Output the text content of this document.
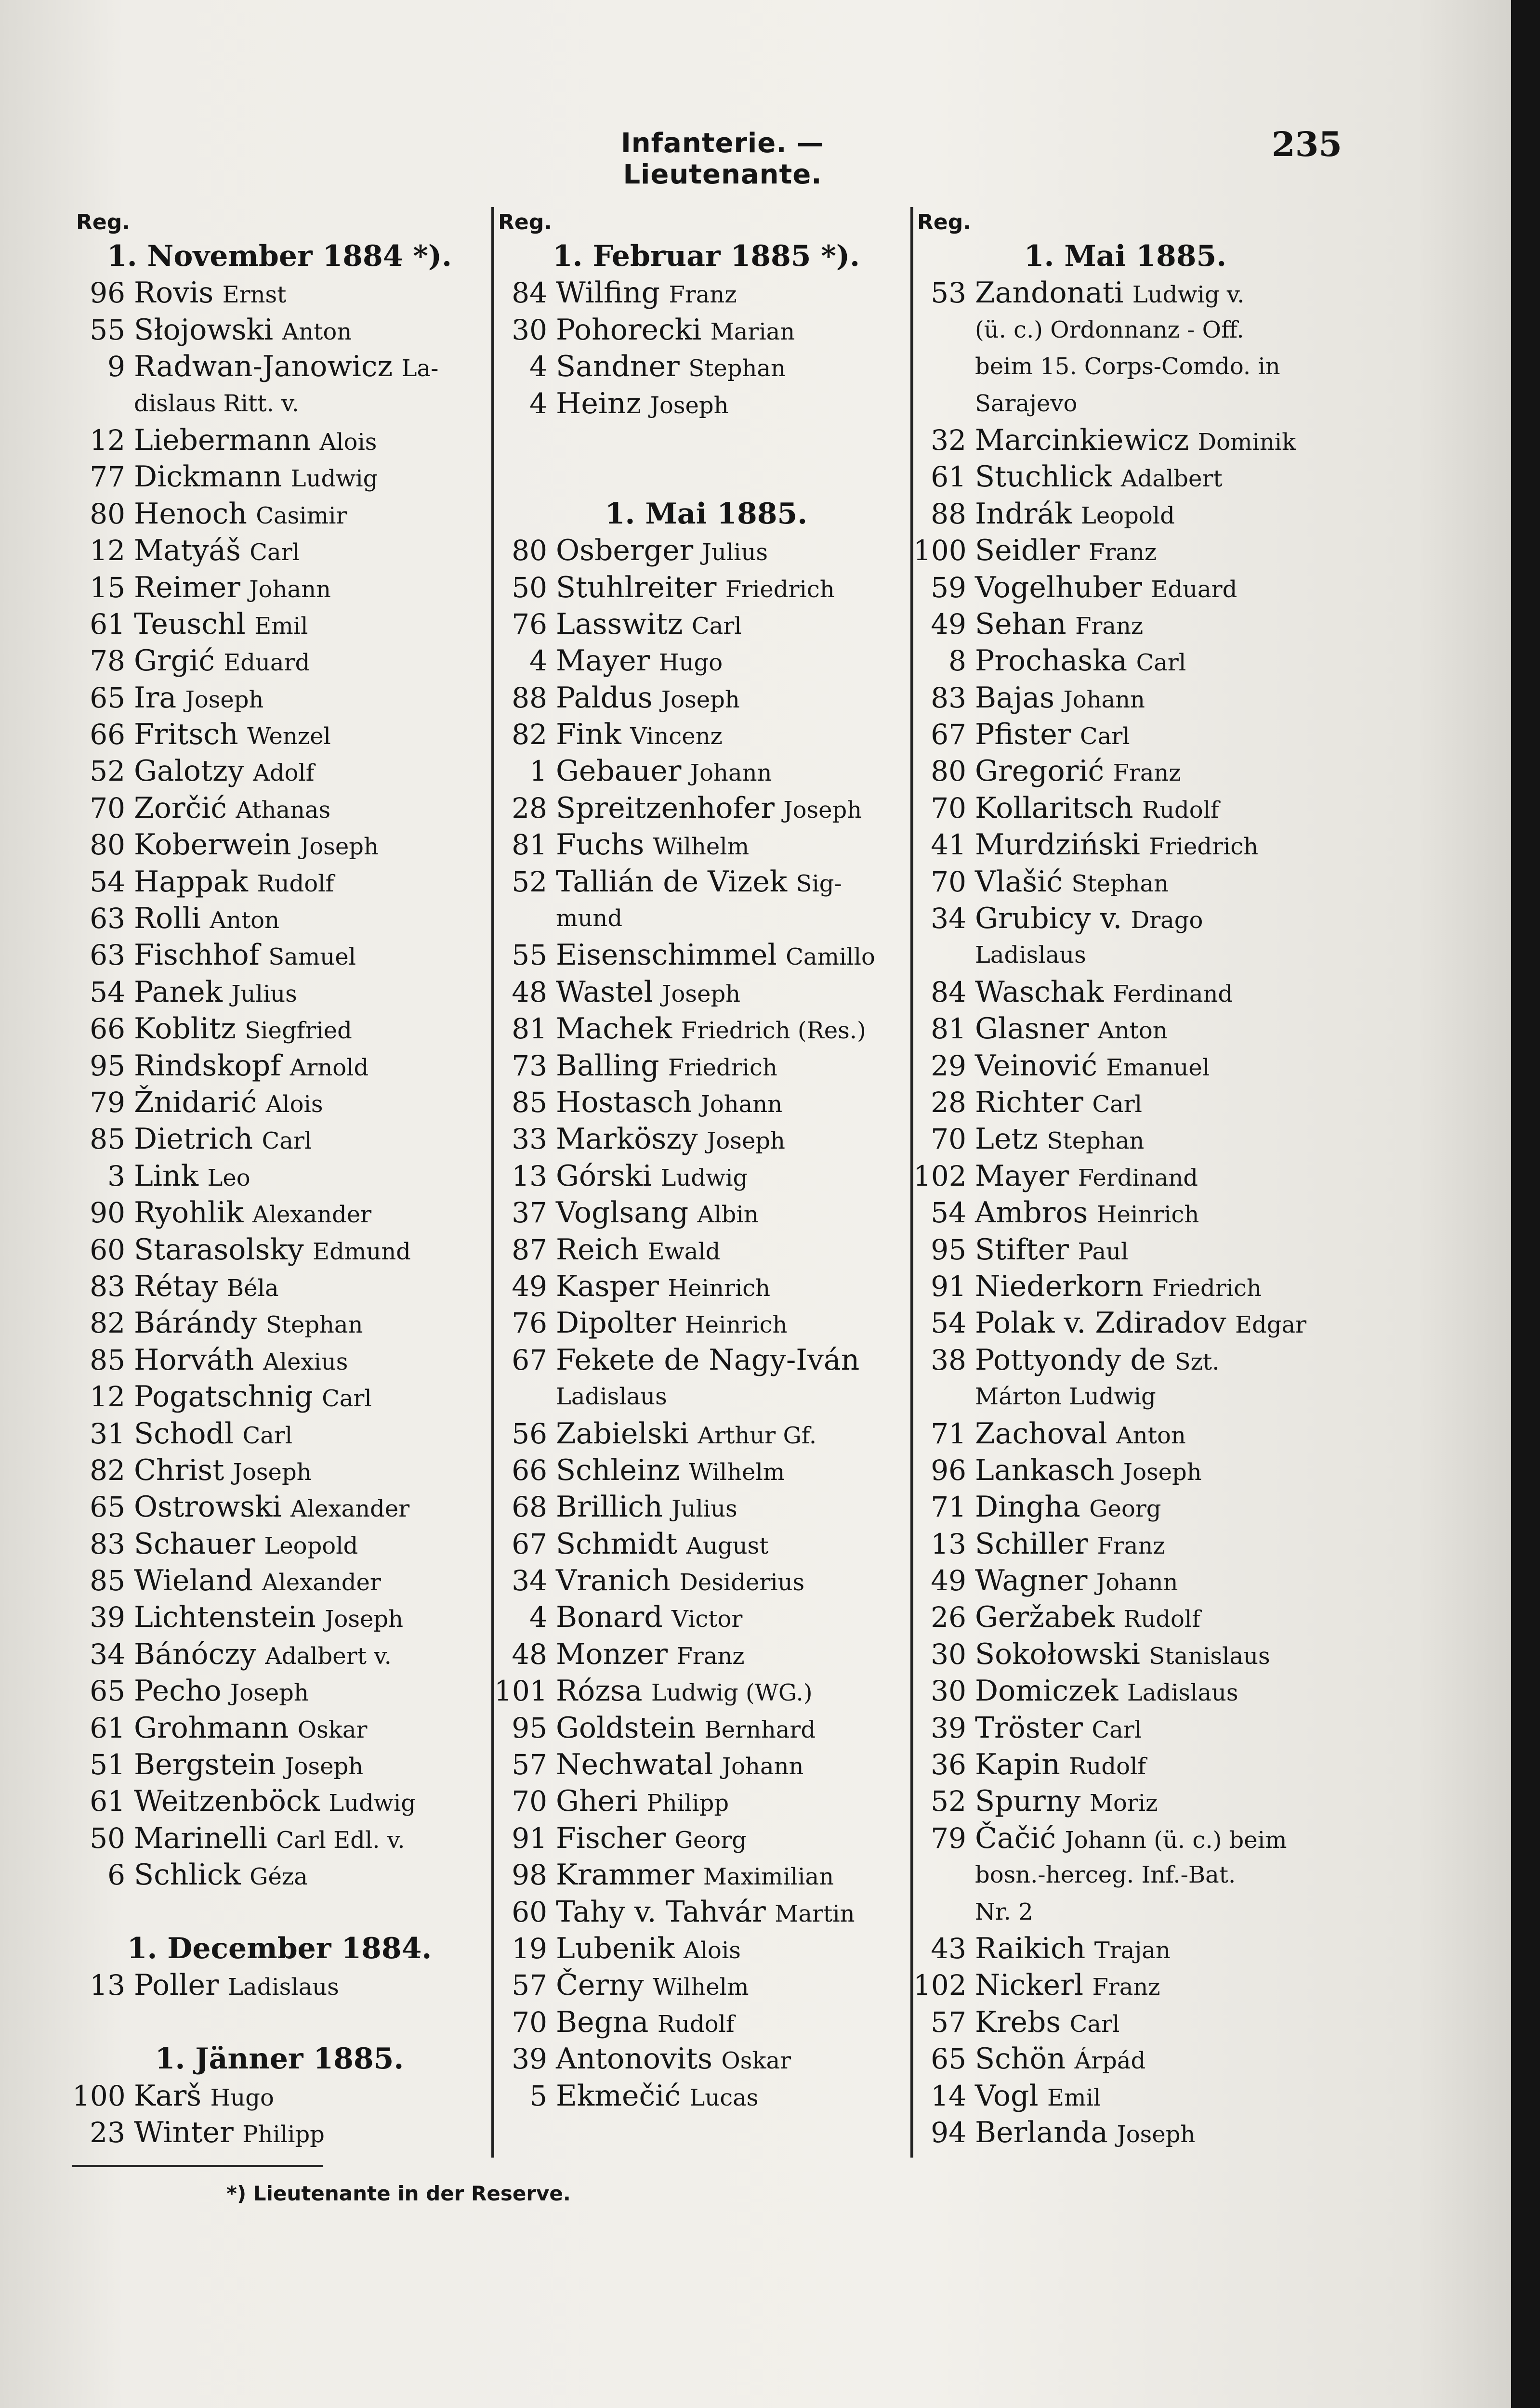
Infanterie. — Lieutenante.
235
Reg.
1. November 1884 *).
96 Rovis Ernst
55 Słojowski Anton
9 Radwan-Janowicz La-
dislaus Ritt. v.
12 Liebermann Alois
77 Dickmann Ludwig
80 Henoch Casimir
12 Matyáš Carl
15 Reimer Johann
61 Teuschl Emil
78 Grgić Eduard
65 Ira Joseph
66 Fritsch Wenzel
52 Galotzy Adolf
70 Zorčić Athanas
80 Koberwein Joseph
54 Happak Rudolf
63 Rolli Anton
63 Fischhof Samuel
54 Panek Julius
66 Koblitz Siegfried
95 Rindskopf Arnold
79 Žnidarić Alois
85 Dietrich Carl
3 Link Leo
90 Ryohlik Alexander
60 Starasolsky Edmund
83 Rétay Béla
82 Bárándy Stephan
85 Horváth Alexius
12 Pogatschnig Carl
31 Schodl Carl
82 Christ Joseph
65 Ostrowski Alexander
83 Schauer Leopold
85 Wieland Alexander
39 Lichtenstein Joseph
34 Bánóczy Adalbert v.
65 Pecho Joseph
61 Grohmann Oskar
51 Bergstein Joseph
61 Weitzenböck Ludwig
50 Marinelli Carl Edl. v.
6 Schlick Géza
1. December 1884.
13 Poller Ladislaus
1. Jänner 1885.
100 Karš Hugo
23 Winter Philipp
Reg.
1. Februar 1885 *).
84 Wilfing Franz
30 Pohorecki Marian
4 Sandner Stephan
4 Heinz Joseph
1. Mai 1885.
80 Osberger Julius
50 Stuhlreiter Friedrich
76 Lasswitz Carl
4 Mayer Hugo
88 Paldus Joseph
82 Fink Vincenz
1 Gebauer Johann
28 Spreitzenhofer Joseph
81 Fuchs Wilhelm
52 Tallián de Vizek Sig-
mund
55 Eisenschimmel Camillo
48 Wastel Joseph
81 Machek Friedrich (Res.)
73 Balling Friedrich
85 Hostasch Johann
33 Marköszy Joseph
13 Górski Ludwig
37 Voglsang Albin
87 Reich Ewald
49 Kasper Heinrich
76 Dipolter Heinrich
67 Fekete de Nagy-Iván
Ladislaus
56 Zabielski Arthur Gf.
66 Schleinz Wilhelm
68 Brillich Julius
67 Schmidt August
34 Vranich Desiderius
4 Bonard Victor
48 Monzer Franz
101 Rózsa Ludwig (WG.)
95 Goldstein Bernhard
57 Nechwatal Johann
70 Gheri Philipp
91 Fischer Georg
98 Krammer Maximilian
60 Tahy v. Tahvár Martin
19 Lubenik Alois
57 Černy Wilhelm
70 Begna Rudolf
39 Antonovits Oskar
5 Ekmečić Lucas
Reg.
1. Mai 1885.
53 Zandonati Ludwig v.
(ü. c.) Ordonnanz - Off.
beim 15. Corps-Comdo. in
Sarajevo
32 Marcinkiewicz Dominik
61 Stuchlick Adalbert
88 Indrák Leopold
100 Seidler Franz
59 Vogelhuber Eduard
49 Sehan Franz
8 Prochaska Carl
83 Bajas Johann
67 Pfister Carl
80 Gregorić Franz
70 Kollaritsch Rudolf
41 Murdziński Friedrich
70 Vlašić Stephan
34 Grubicy v. Drago
Ladislaus
84 Waschak Ferdinand
81 Glasner Anton
29 Veinović Emanuel
28 Richter Carl
70 Letz Stephan
102 Mayer Ferdinand
54 Ambros Heinrich
95 Stifter Paul
91 Niederkorn Friedrich
54 Polak v. Zdiradov Edgar
38 Pottyondy de Szt.
Márton Ludwig
71 Zachoval Anton
96 Lankasch Joseph
71 Dingha Georg
13 Schiller Franz
49 Wagner Johann
26 Geržabek Rudolf
30 Sokołowski Stanislaus
30 Domiczek Ladislaus
39 Tröster Carl
36 Kapin Rudolf
52 Spurny Moriz
79 Čačić Johann (ü. c.) beim
bosn.-herceg. Inf.-Bat.
Nr. 2
43 Raikich Trajan
102 Nickerl Franz
57 Krebs Carl
65 Schön Árpád
14 Vogl Emil
94 Berlanda Joseph
*) Lieutenante in der Reserve.
